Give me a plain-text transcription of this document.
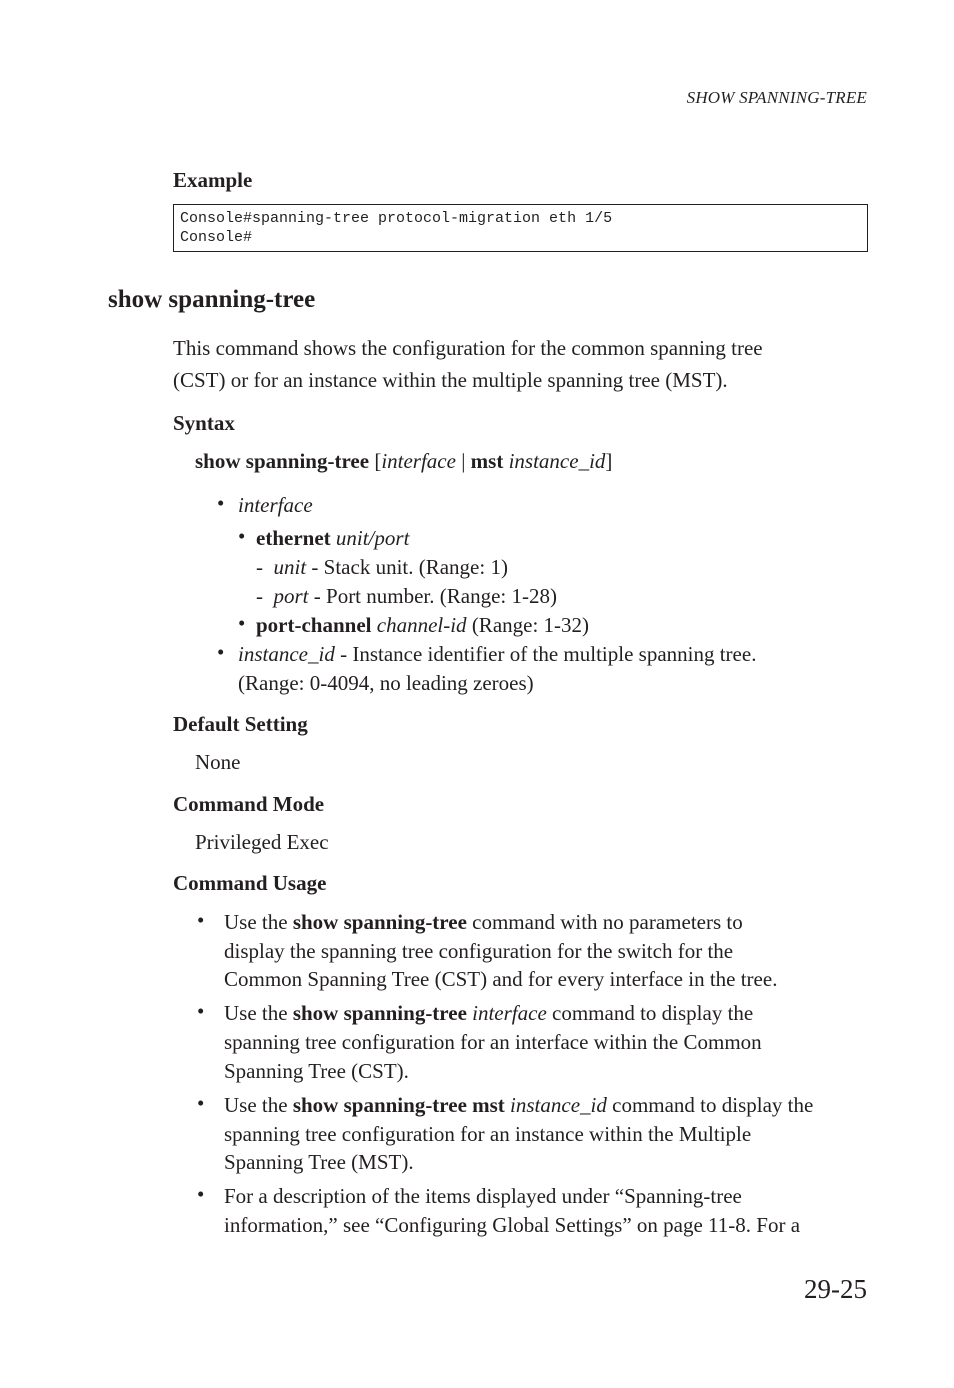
SHOW SPANNING-TREE
Example
Console#spanning-tree protocol-migration eth 1/5
Console#
show spanning-tree
This command shows the configuration for the common spanning tree
(CST) or for an instance within the multiple spanning tree (MST).
Syntax
show spanning-tree [interface | mst instance_id]
• interface
• ethernet unit/port
- unit - Stack unit. (Range: 1)
- port - Port number. (Range: 1-28)
• port-channel channel-id (Range: 1-32)
• instance_id - Instance identifier of the multiple spanning tree.
(Range: 0-4094, no leading zeroes)
Default Setting
None
Command Mode
Privileged Exec
Command Usage
• Use the show spanning-tree command with no parameters to
display the spanning tree configuration for the switch for the
Common Spanning Tree (CST) and for every interface in the tree.
• Use the show spanning-tree interface command to display the
spanning tree configuration for an interface within the Common
Spanning Tree (CST).
• Use the show spanning-tree mst instance_id command to display the
spanning tree configuration for an instance within the Multiple
Spanning Tree (MST).
• For a description of the items displayed under “Spanning-tree
information,” see “Configuring Global Settings” on page 11-8. For a
29-25
